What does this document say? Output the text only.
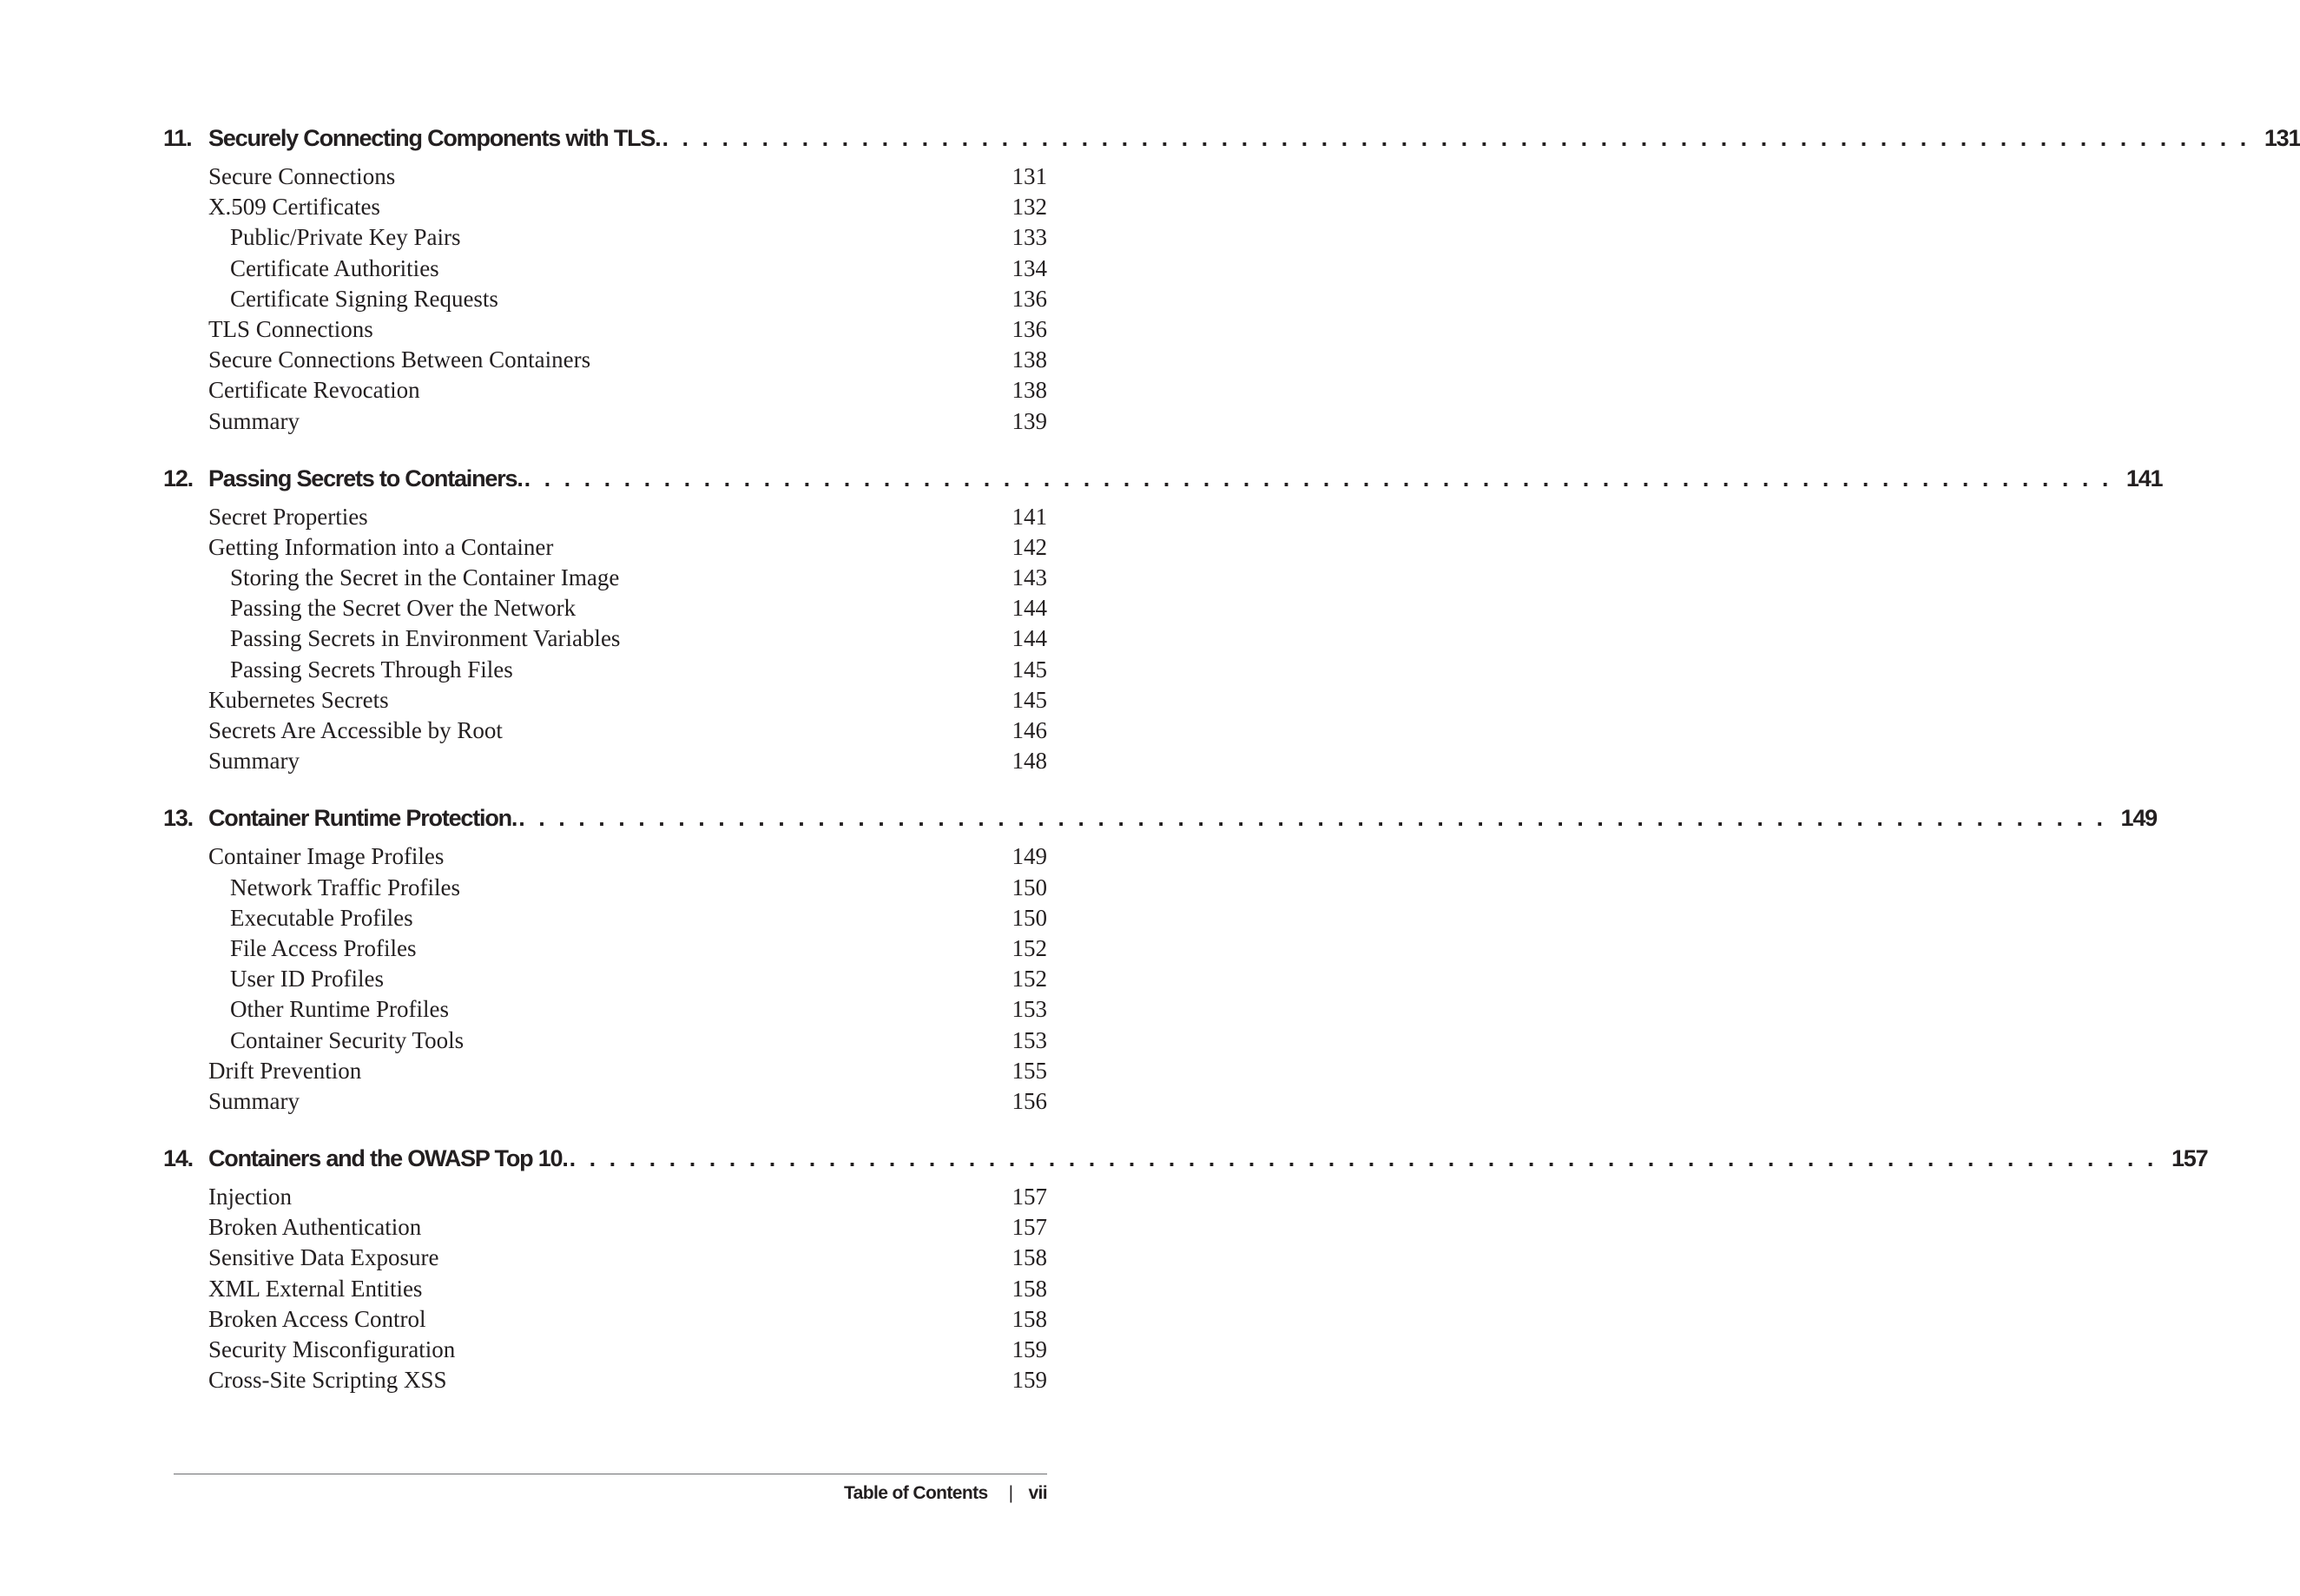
11. Securely Connecting Components with TLS. . . . . . . . . . . . . . . . . . . . . . . . . . . . . . . . . . . . . . . . . . . . . . . . . . . . . . . . . . . . . . . . . . . . . . . . . . . . . . . . . 131
Secure Connections	131
X.509 Certificates	132
Public/Private Key Pairs	133
Certificate Authorities	134
Certificate Signing Requests	136
TLS Connections	136
Secure Connections Between Containers	138
Certificate Revocation	138
Summary	139
12. Passing Secrets to Containers. . . . . . . . . . . . . . . . . . . . . . . . . . . . . . . . . . . . . . . . . . . . . . . . . . . . . . . . . . . . . . . . . . . . . . . . . . . . . . . . . 141
Secret Properties	141
Getting Information into a Container	142
Storing the Secret in the Container Image	143
Passing the Secret Over the Network	144
Passing Secrets in Environment Variables	144
Passing Secrets Through Files	145
Kubernetes Secrets	145
Secrets Are Accessible by Root	146
Summary	148
13. Container Runtime Protection. . . . . . . . . . . . . . . . . . . . . . . . . . . . . . . . . . . . . . . . . . . . . . . . . . . . . . . . . . . . . . . . . . . . . . . . . . . . . . . . . 149
Container Image Profiles	149
Network Traffic Profiles	150
Executable Profiles	150
File Access Profiles	152
User ID Profiles	152
Other Runtime Profiles	153
Container Security Tools	153
Drift Prevention	155
Summary	156
14. Containers and the OWASP Top 10. . . . . . . . . . . . . . . . . . . . . . . . . . . . . . . . . . . . . . . . . . . . . . . . . . . . . . . . . . . . . . . . . . . . . . . . . . . . . . . . . 157
Injection	157
Broken Authentication	157
Sensitive Data Exposure	158
XML External Entities	158
Broken Access Control	158
Security Misconfiguration	159
Cross-Site Scripting XSS	159
Table of Contents | vii
